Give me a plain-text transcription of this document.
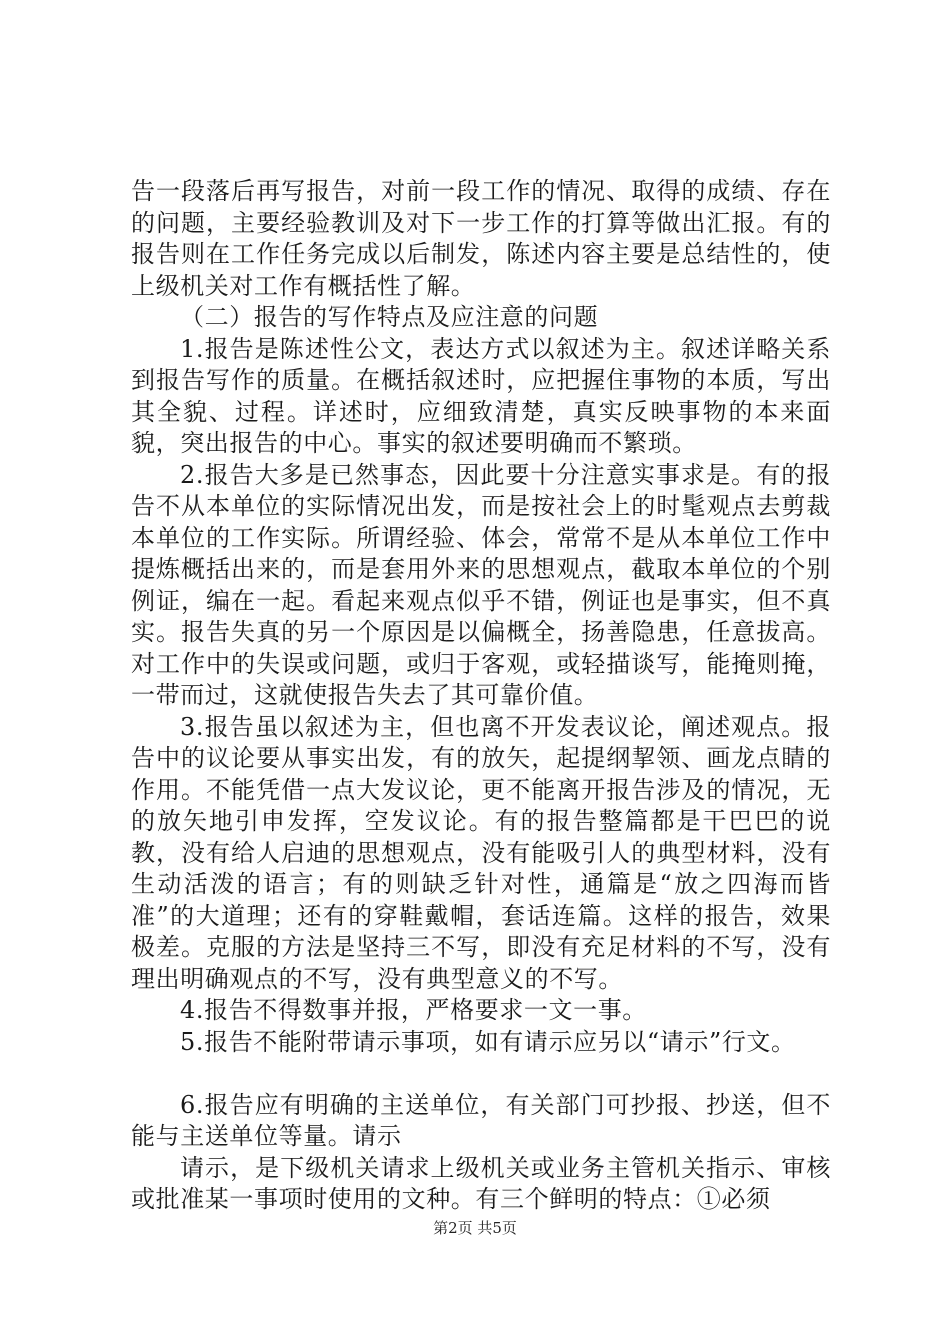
告一段落后再写报告，对前一段工作的情况、取得的成绩、存在的问题，主要经验教训及对下一步工作的打算等做出汇报。有的报告则在工作任务完成以后制发，陈述内容主要是总结性的，使上级机关对工作有概括性了解。

（二）报告的写作特点及应注意的问题

1.报告是陈述性公文，表达方式以叙述为主。叙述详略关系到报告写作的质量。在概括叙述时，应把握住事物的本质，写出其全貌、过程。详述时，应细致清楚，真实反映事物的本来面貌，突出报告的中心。事实的叙述要明确而不繁琐。

2.报告大多是已然事态，因此要十分注意实事求是。有的报告不从本单位的实际情况出发，而是按社会上的时髦观点去剪裁本单位的工作实际。所谓经验、体会，常常不是从本单位工作中提炼概括出来的，而是套用外来的思想观点，截取本单位的个别例证，编在一起。看起来观点似乎不错，例证也是事实，但不真实。报告失真的另一个原因是以偏概全，扬善隐患，任意拔高。对工作中的失误或问题，或归于客观，或轻描谈写，能掩则掩，一带而过，这就使报告失去了其可靠价值。

3.报告虽以叙述为主，但也离不开发表议论，阐述观点。报告中的议论要从事实出发，有的放矢，起提纲挈领、画龙点睛的作用。不能凭借一点大发议论，更不能离开报告涉及的情况，无的放矢地引申发挥，空发议论。有的报告整篇都是干巴巴的说教，没有给人启迪的思想观点，没有能吸引人的典型材料，没有生动活泼的语言；有的则缺乏针对性，通篇是“放之四海而皆准”的大道理；还有的穿鞋戴帽，套话连篇。这样的报告，效果极差。克服的方法是坚持三不写，即没有充足材料的不写，没有理出明确观点的不写，没有典型意义的不写。

4.报告不得数事并报，严格要求一文一事。

5.报告不能附带请示事项，如有请示应另以“请示”行文。

6.报告应有明确的主送单位，有关部门可抄报、抄送，但不能与主送单位等量。请示

请示，是下级机关请求上级机关或业务主管机关指示、审核或批准某一事项时使用的文种。有三个鲜明的特点：①必须

第2页 共5页
